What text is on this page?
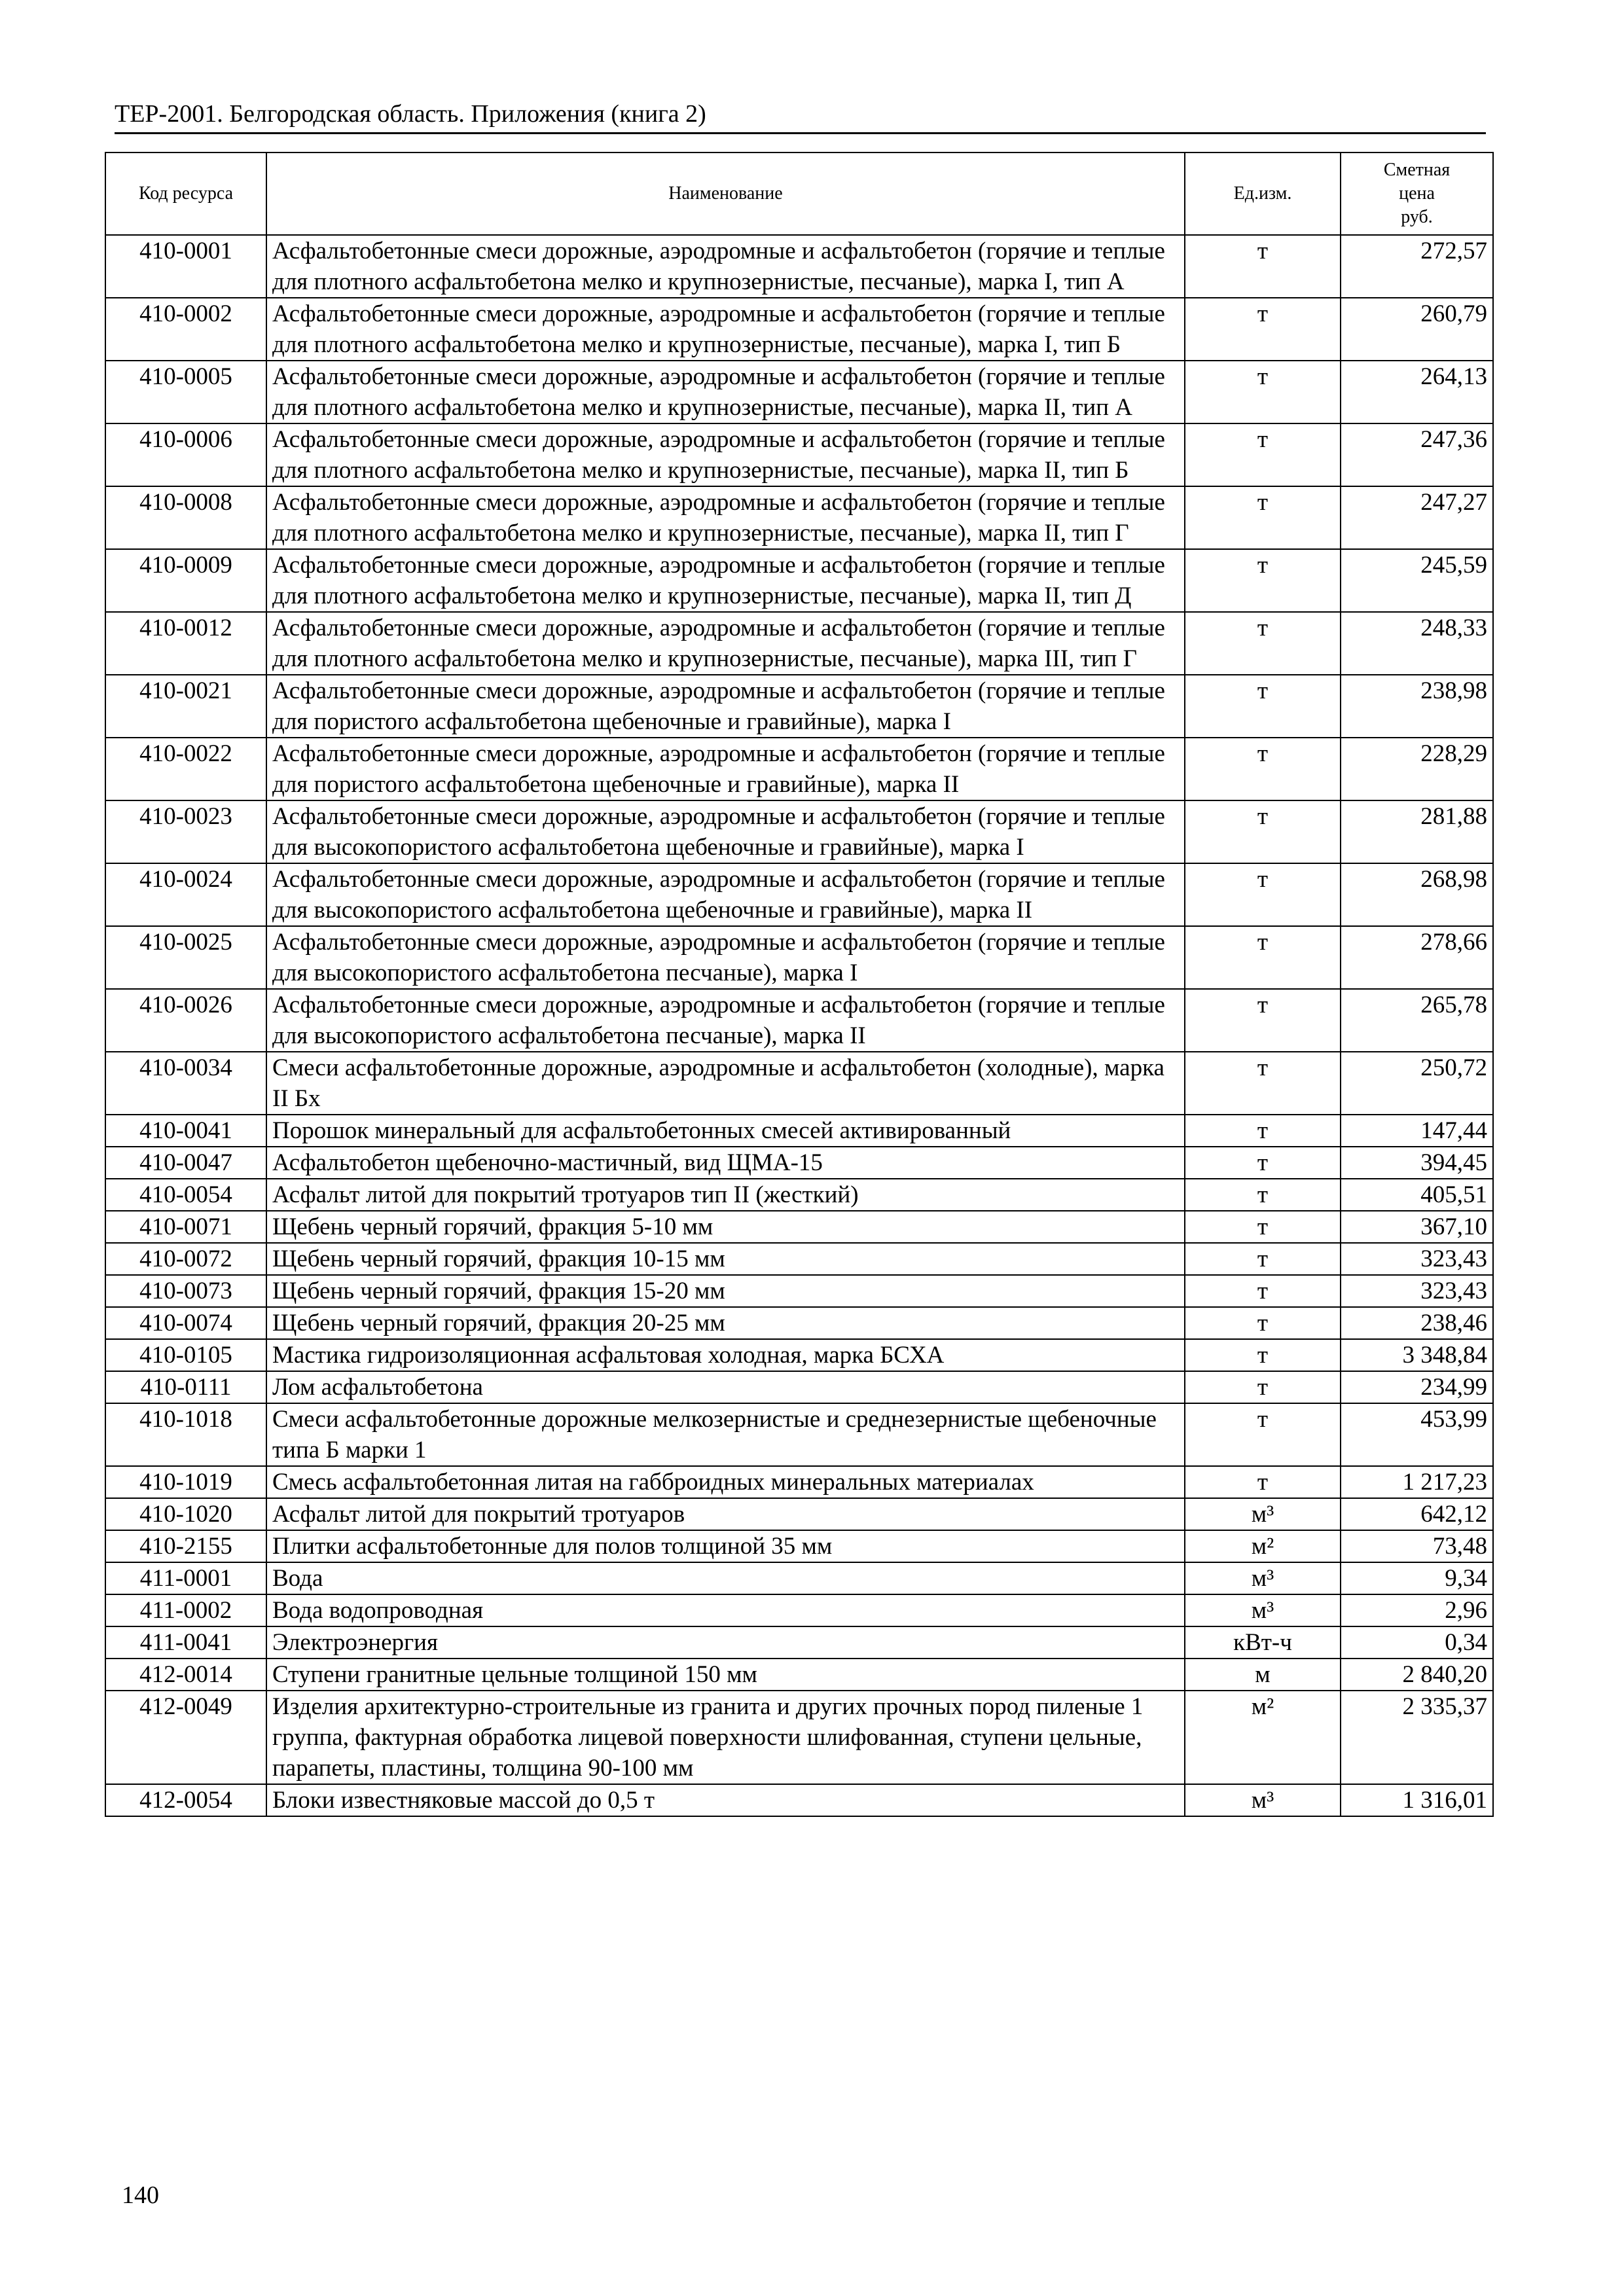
ТЕР-2001. Белгородская область. Приложения (книга 2)
Код ресурса	Наименование	Ед.изм.	Сметная
цена
руб.

410-0001	Асфальтобетонные смеси дорожные, аэродромные и асфальтобетон (горячие и теплые для плотного асфальтобетона мелко и крупнозернистые, песчаные), марка I, тип А	т	272,57
410-0002	Асфальтобетонные смеси дорожные, аэродромные и асфальтобетон (горячие и теплые для плотного асфальтобетона мелко и крупнозернистые, песчаные), марка I, тип Б	т	260,79
410-0005	Асфальтобетонные смеси дорожные, аэродромные и асфальтобетон (горячие и теплые для плотного асфальтобетона мелко и крупнозернистые, песчаные), марка II, тип А	т	264,13
410-0006	Асфальтобетонные смеси дорожные, аэродромные и асфальтобетон (горячие и теплые для плотного асфальтобетона мелко и крупнозернистые, песчаные), марка II, тип Б	т	247,36
410-0008	Асфальтобетонные смеси дорожные, аэродромные и асфальтобетон (горячие и теплые для плотного асфальтобетона мелко и крупнозернистые, песчаные), марка II, тип Г	т	247,27
410-0009	Асфальтобетонные смеси дорожные, аэродромные и асфальтобетон (горячие и теплые для плотного асфальтобетона мелко и крупнозернистые, песчаные), марка II, тип Д	т	245,59
410-0012	Асфальтобетонные смеси дорожные, аэродромные и асфальтобетон (горячие и теплые для плотного асфальтобетона мелко и крупнозернистые, песчаные), марка III, тип Г	т	248,33
410-0021	Асфальтобетонные смеси дорожные, аэродромные и асфальтобетон (горячие и теплые для пористого асфальтобетона щебеночные и гравийные), марка I	т	238,98
410-0022	Асфальтобетонные смеси дорожные, аэродромные и асфальтобетон (горячие и теплые для пористого асфальтобетона щебеночные и гравийные), марка II	т	228,29
410-0023	Асфальтобетонные смеси дорожные, аэродромные и асфальтобетон (горячие и теплые для высокопористого асфальтобетона щебеночные и гравийные), марка I	т	281,88
410-0024	Асфальтобетонные смеси дорожные, аэродромные и асфальтобетон (горячие и теплые для высокопористого асфальтобетона щебеночные и гравийные), марка II	т	268,98
410-0025	Асфальтобетонные смеси дорожные, аэродромные и асфальтобетон (горячие и теплые для высокопористого асфальтобетона песчаные), марка I	т	278,66
410-0026	Асфальтобетонные смеси дорожные, аэродромные и асфальтобетон (горячие и теплые для высокопористого асфальтобетона песчаные), марка II	т	265,78
410-0034	Смеси асфальтобетонные дорожные, аэродромные и асфальтобетон (холодные), марка II Бх	т	250,72
410-0041	Порошок минеральный для асфальтобетонных смесей активированный	т	147,44
410-0047	Асфальтобетон щебеночно-мастичный, вид ЩМА-15	т	394,45
410-0054	Асфальт литой для покрытий тротуаров тип II (жесткий)	т	405,51
410-0071	Щебень черный горячий, фракция 5-10 мм	т	367,10
410-0072	Щебень черный горячий, фракция 10-15 мм	т	323,43
410-0073	Щебень черный горячий, фракция 15-20 мм	т	323,43
410-0074	Щебень черный горячий, фракция 20-25 мм	т	238,46
410-0105	Мастика гидроизоляционная асфальтовая холодная, марка БСХА	т	3 348,84
410-0111	Лом асфальтобетона	т	234,99
410-1018	Смеси асфальтобетонные дорожные мелкозернистые и среднезернистые щебеночные типа Б марки 1	т	453,99
410-1019	Смесь асфальтобетонная литая на габброидных минеральных материалах	т	1 217,23
410-1020	Асфальт литой для покрытий тротуаров	м³	642,12
410-2155	Плитки асфальтобетонные для полов толщиной 35 мм	м²	73,48
411-0001	Вода	м³	9,34
411-0002	Вода водопроводная	м³	2,96
411-0041	Электроэнергия	кВт-ч	0,34
412-0014	Ступени гранитные цельные толщиной 150 мм	м	2 840,20
412-0049	Изделия архитектурно-строительные из гранита и других прочных пород пиленые 1 группа, фактурная обработка лицевой поверхности шлифованная, ступени цельные, парапеты, пластины, толщина 90-100 мм	м²	2 335,37
412-0054	Блоки известняковые массой до 0,5 т	м³	1 316,01
140
